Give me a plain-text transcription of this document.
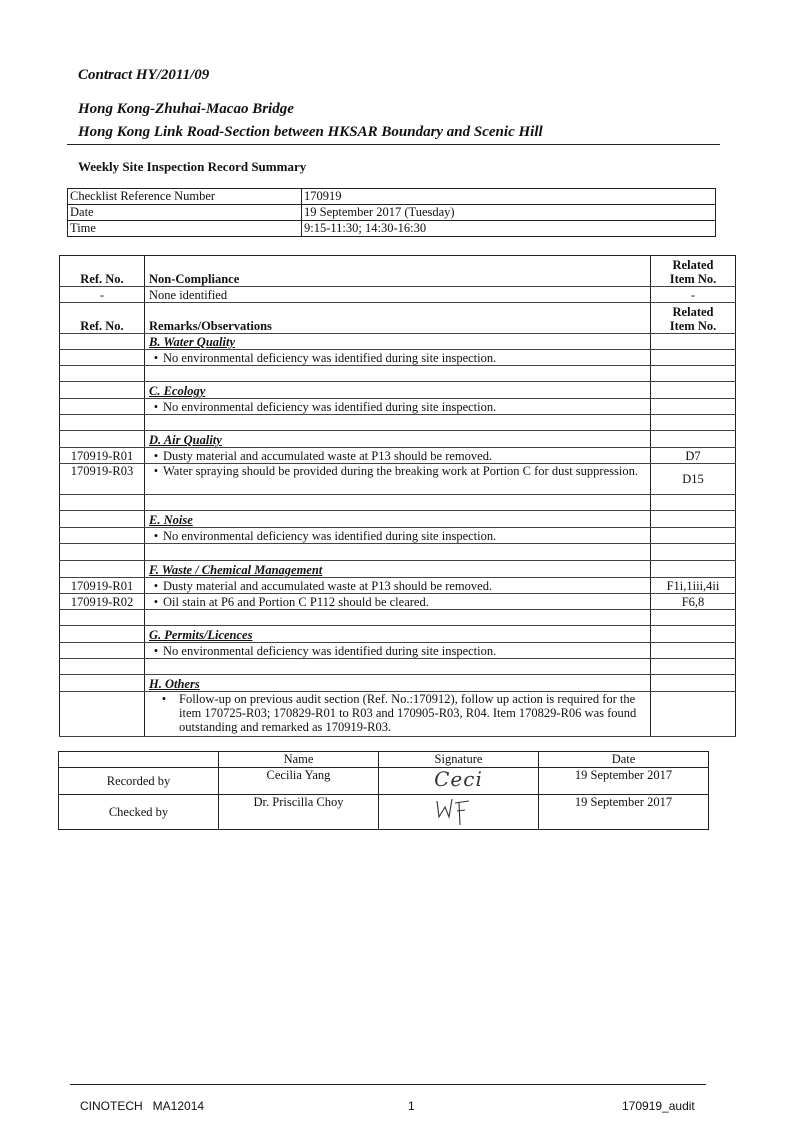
Contract HY/2011/09
Hong Kong-Zhuhai-Macao Bridge
Hong Kong Link Road-Section between HKSAR Boundary and Scenic Hill
Weekly Site Inspection Record Summary
Checklist Reference Number	170919
Date	19 September 2017 (Tuesday)
Time	9:15-11:30; 14:30-16:30
Ref. No.	Non-Compliance	Related
Item No.
-	None identified	-
Ref. No.	Remarks/Observations	Related
Item No.
	B. Water Quality	

	• No environmental deficiency was identified during site inspection.	

	C. Ecology	

	• No environmental deficiency was identified during site inspection.	

	D. Air Quality	
170919-R01	• Dusty material and accumulated waste at P13 should be removed.	D7
170919-R03	• Water spraying should be provided during the breaking work at Portion C for dust suppression.	D15

	E. Noise	

	• No environmental deficiency was identified during site inspection.	

	F. Waste / Chemical Management	
170919-R01	• Dusty material and accumulated waste at P13 should be removed.	F1i,1iii,4ii
170919-R02	• Oil stain at P6 and Portion C P112 should be cleared.	F6,8

	G. Permits/Licences	

	• No environmental deficiency was identified during site inspection.	

	H. Others	

	• Follow-up on previous audit section (Ref. No.:170912), follow up action is required for the item 170725-R03; 170829-R01 to R03 and 170905-R03, R04. Item 170829-R06 was found outstanding and remarked as 170919-R03.	

	Name	Signature	Date
Recorded by	Cecilia Yang	Ceci	19 September 2017
Checked by	Dr. Priscilla Choy		19 September 2017
CINOTECH   MA12014	1	170919_audit
